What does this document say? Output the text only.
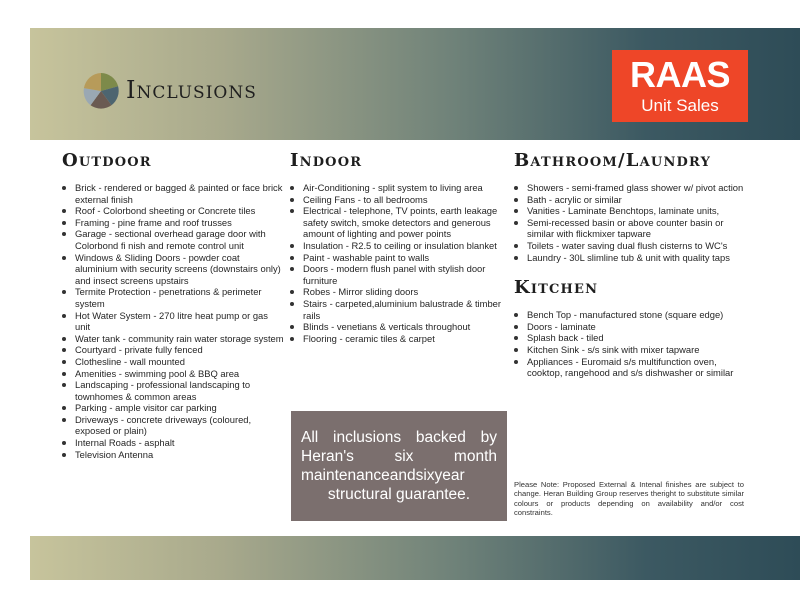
Inclusions	RAAS
Unit Sales
Outdoor
Brick - rendered or bagged & painted or face brick external finish
Roof - Colorbond sheeting or Concrete tiles
Framing - pine frame and roof trusses
Garage - sectional overhead garage door with Colorbond fi nish and remote control unit
Windows & Sliding Doors - powder coat aluminium with security screens (downstairs only) and insect screens upstairs
Termite Protection - penetrations & perimeter system
Hot Water System - 270 litre heat pump or gas unit
Water tank - community rain water storage system
Courtyard - private fully fenced
Clothesline - wall mounted
Amenities - swimming pool & BBQ area
Landscaping - professional landscaping to townhomes & common areas
Parking - ample visitor car parking
Driveways - concrete driveways (coloured, exposed or plain)
Internal Roads - asphalt
Television Antenna
Indoor
Air-Conditioning - split system to living area
Ceiling Fans - to all bedrooms
Electrical - telephone, TV points, earth leakage safety switch, smoke detectors and generous amount of lighting and power points
Insulation - R2.5 to ceiling or insulation blanket
Paint - washable paint to walls
Doors - modern flush panel with stylish door furniture
Robes - Mirror sliding doors
Stairs - carpeted,aluminium balustrade & timber rails
Blinds - venetians & verticals throughout
Flooring - ceramic tiles & carpet
All inclusions backed by Heran's six month maintenanceandsixyear structural guarantee.
Bathroom/Laundry
Showers - semi-framed glass shower w/ pivot action
Bath - acrylic or similar
Vanities - Laminate Benchtops, laminate units,
Semi-recessed basin or above counter basin or similar with flickmixer tapware
Toilets - water saving dual flush cisterns to WC's
Laundry - 30L slimline tub & unit with quality taps
Kitchen
Bench Top - manufactured stone (square edge)
Doors - laminate
Splash back - tiled
Kitchen Sink - s/s sink with mixer tapware
Appliances - Euromaid s/s multifunction oven, cooktop, rangehood and s/s dishwasher or similar
Please Note: Proposed External & Intenal finishes are subject to change. Heran Building Group reserves theright to substitute similar colours or products depending on availability and/or cost constraints.
